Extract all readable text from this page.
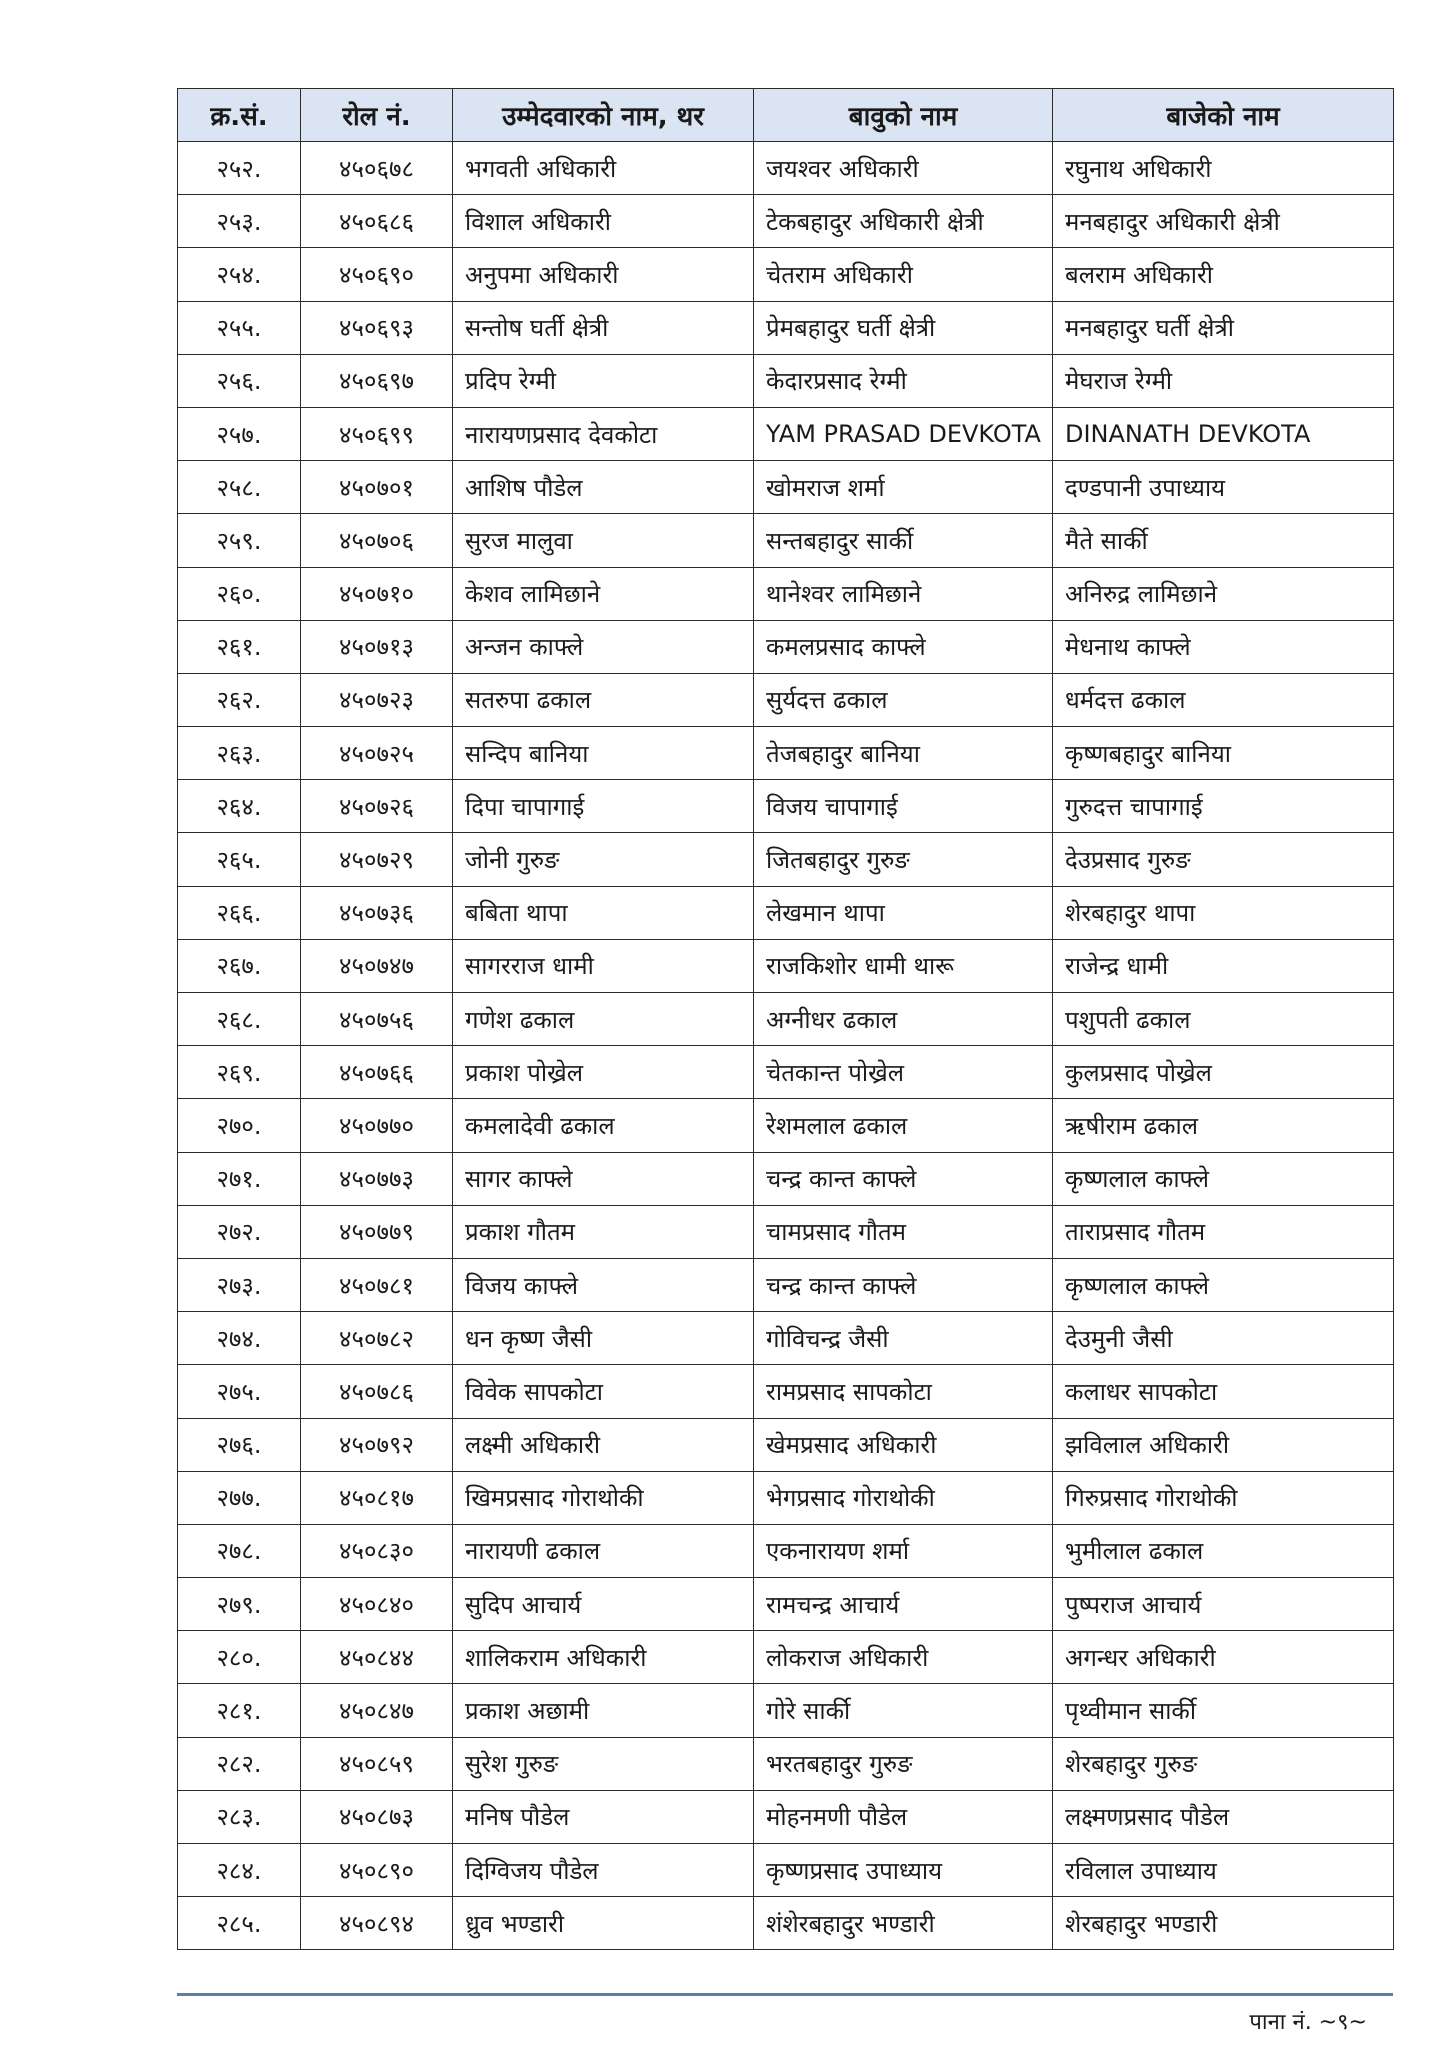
क्र.सं.	रोल नं.	उम्मेदवारको नाम, थर	बावुको नाम	बाजेको नाम
२५२.	४५०६७८	भगवती अधिकारी	जयश्वर अधिकारी	रघुनाथ अधिकारी
२५३.	४५०६८६	विशाल अधिकारी	टेकबहादुर अधिकारी क्षेत्री	मनबहादुर अधिकारी क्षेत्री
२५४.	४५०६९०	अनुपमा अधिकारी	चेतराम अधिकारी	बलराम अधिकारी
२५५.	४५०६९३	सन्तोष घर्ती क्षेत्री	प्रेमबहादुर घर्ती क्षेत्री	मनबहादुर घर्ती क्षेत्री
२५६.	४५०६९७	प्रदिप रेग्मी	केदारप्रसाद रेग्मी	मेघराज रेग्मी
२५७.	४५०६९९	नारायणप्रसाद देवकोटा	YAM PRASAD DEVKOTA	DINANATH DEVKOTA
२५८.	४५०७०१	आशिष पौडेल	खोमराज शर्मा	दण्डपानी उपाध्याय
२५९.	४५०७०६	सुरज मालुवा	सन्तबहादुर सार्की	मैते सार्की
२६०.	४५०७१०	केशव लामिछाने	थानेश्वर लामिछाने	अनिरुद्र लामिछाने
२६१.	४५०७१३	अन्जन काफ्ले	कमलप्रसाद काफ्ले	मेधनाथ काफ्ले
२६२.	४५०७२३	सतरुपा ढकाल	सुर्यदत्त ढकाल	धर्मदत्त ढकाल
२६३.	४५०७२५	सन्दिप बानिया	तेजबहादुर बानिया	कृष्णबहादुर बानिया
२६४.	४५०७२६	दिपा चापागाई	विजय चापागाई	गुरुदत्त चापागाई
२६५.	४५०७२९	जोनी गुरुङ	जितबहादुर गुरुङ	देउप्रसाद गुरुङ
२६६.	४५०७३६	बबिता थापा	लेखमान थापा	शेरबहादुर थापा
२६७.	४५०७४७	सागरराज धामी	राजकिशोर धामी थारू	राजेन्द्र धामी
२६८.	४५०७५६	गणेश ढकाल	अग्नीधर ढकाल	पशुपती ढकाल
२६९.	४५०७६६	प्रकाश पोख्रेल	चेतकान्त पोख्रेल	कुलप्रसाद पोख्रेल
२७०.	४५०७७०	कमलादेवी ढकाल	रेशमलाल ढकाल	ऋषीराम ढकाल
२७१.	४५०७७३	सागर काफ्ले	चन्द्र कान्त काफ्ले	कृष्णलाल काफ्ले
२७२.	४५०७७९	प्रकाश गौतम	चामप्रसाद गौतम	ताराप्रसाद गौतम
२७३.	४५०७८१	विजय काफ्ले	चन्द्र कान्त काफ्ले	कृष्णलाल काफ्ले
२७४.	४५०७८२	धन कृष्ण जैसी	गोविचन्द्र जैसी	देउमुनी जैसी
२७५.	४५०७८६	विवेक सापकोटा	रामप्रसाद सापकोटा	कलाधर सापकोटा
२७६.	४५०७९२	लक्ष्मी अधिकारी	खेमप्रसाद अधिकारी	झविलाल अधिकारी
२७७.	४५०८१७	खिमप्रसाद गोराथोकी	भेगप्रसाद गोराथोकी	गिरुप्रसाद गोराथोकी
२७८.	४५०८३०	नारायणी ढकाल	एकनारायण शर्मा	भुमीलाल ढकाल
२७९.	४५०८४०	सुदिप आचार्य	रामचन्द्र आचार्य	पुष्पराज आचार्य
२८०.	४५०८४४	शालिकराम अधिकारी	लोकराज अधिकारी	अगन्धर अधिकारी
२८१.	४५०८४७	प्रकाश अछामी	गोरे सार्की	पृथ्वीमान सार्की
२८२.	४५०८५९	सुरेश गुरुङ	भरतबहादुर गुरुङ	शेरबहादुर गुरुङ
२८३.	४५०८७३	मनिष पौडेल	मोहनमणी पौडेल	लक्ष्मणप्रसाद पौडेल
२८४.	४५०८९०	दिग्विजय पौडेल	कृष्णप्रसाद उपाध्याय	रविलाल उपाध्याय
२८५.	४५०८९४	ध्रुव भण्डारी	शंशेरबहादुर भण्डारी	शेरबहादुर भण्डारी
पाना नं. ~९~
